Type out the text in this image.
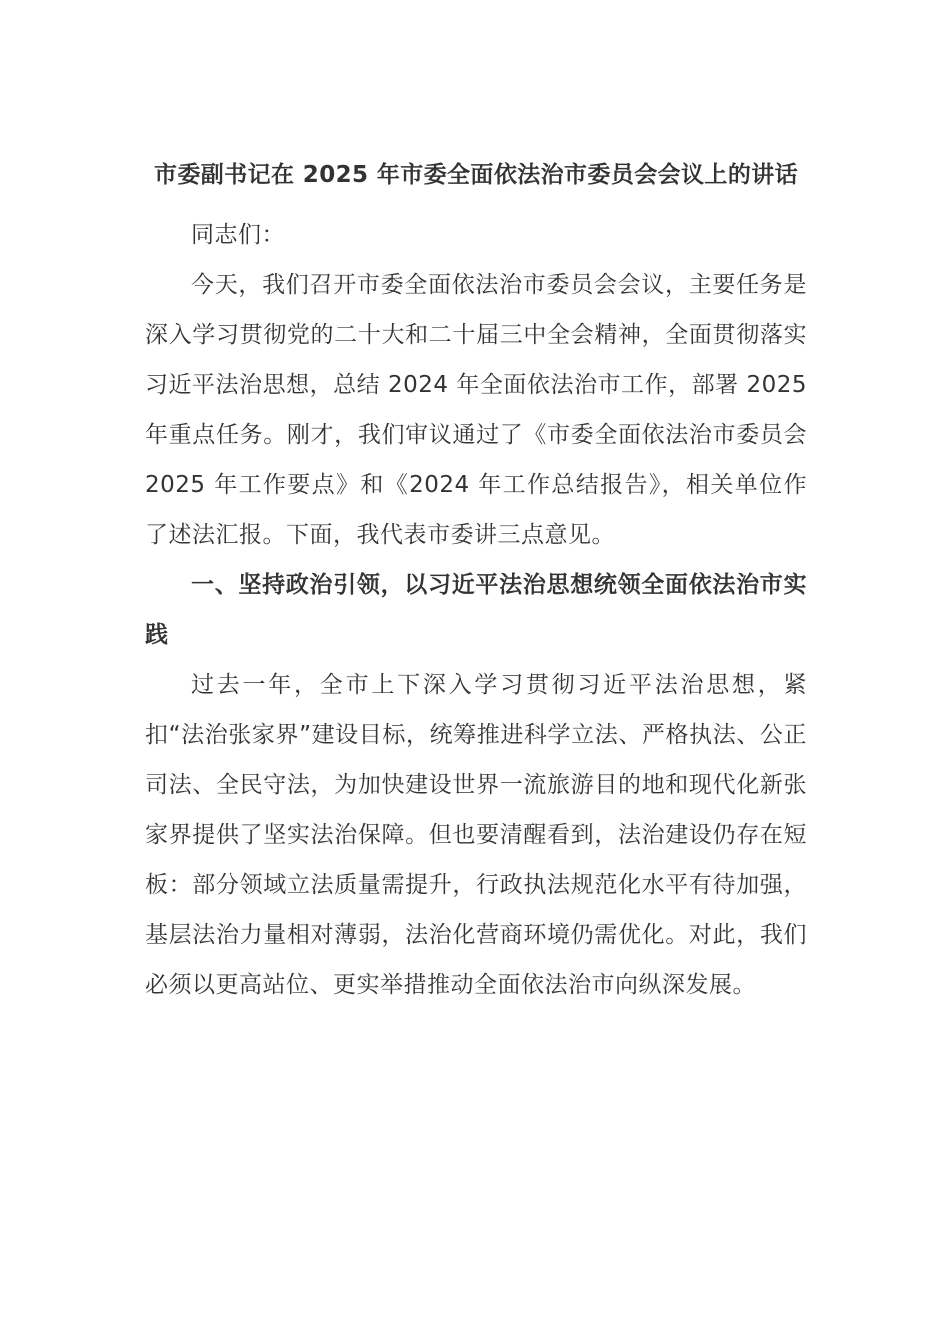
市委副书记在 2025 年市委全面依法治市委员会会议上的讲话

同志们：

今天，我们召开市委全面依法治市委员会会议，主要任务是深入学习贯彻党的二十大和二十届三中全会精神，全面贯彻落实习近平法治思想，总结 2024 年全面依法治市工作，部署 2025 年重点任务。刚才，我们审议通过了《市委全面依法治市委员会 2025 年工作要点》和《2024 年工作总结报告》，相关单位作了述法汇报。下面，我代表市委讲三点意见。

一、坚持政治引领，以习近平法治思想统领全面依法治市实践

过去一年，全市上下深入学习贯彻习近平法治思想，紧扣“法治张家界”建设目标，统筹推进科学立法、严格执法、公正司法、全民守法，为加快建设世界一流旅游目的地和现代化新张家界提供了坚实法治保障。但也要清醒看到，法治建设仍存在短板：部分领域立法质量需提升，行政执法规范化水平有待加强，基层法治力量相对薄弱，法治化营商环境仍需优化。对此，我们必须以更高站位、更实举措推动全面依法治市向纵深发展。
